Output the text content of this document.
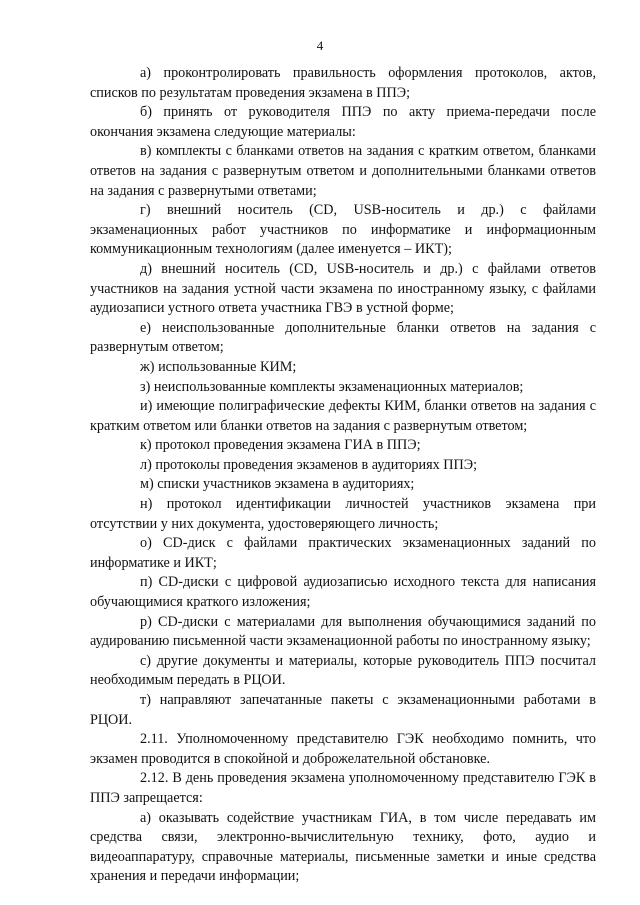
4

а) проконтролировать правильность оформления протоколов, актов, списков по результатам проведения экзамена в ППЭ;

б) принять от руководителя ППЭ по акту приема-передачи после окончания экзамена следующие материалы:

в) комплекты с бланками ответов на задания с кратким ответом, бланками ответов на задания с развернутым ответом и дополнительными бланками ответов на задания с развернутыми ответами;

г) внешний носитель (CD, USB-носитель и др.) с файлами экзаменационных работ участников по информатике и информационным коммуникационным технологиям (далее именуется – ИКТ);

д) внешний носитель (CD, USB-носитель и др.) с файлами ответов участников на задания устной части экзамена по иностранному языку, с файлами аудиозаписи устного ответа участника ГВЭ в устной форме;

е) неиспользованные дополнительные бланки ответов на задания с развернутым ответом;

ж) использованные КИМ;

з) неиспользованные комплекты экзаменационных материалов;

и) имеющие полиграфические дефекты КИМ, бланки ответов на задания с кратким ответом или бланки ответов на задания с развернутым ответом;

к) протокол проведения экзамена ГИА в ППЭ;

л) протоколы проведения экзаменов в аудиториях ППЭ;

м) списки участников экзамена в аудиториях;

н) протокол идентификации личностей участников экзамена при отсутствии у них документа, удостоверяющего личность;

о) CD-диск с файлами практических экзаменационных заданий по информатике и ИКТ;

п) CD-диски с цифровой аудиозаписью исходного текста для написания обучающимися краткого изложения;

р) CD-диски с материалами для выполнения обучающимися заданий по аудированию письменной части экзаменационной работы по иностранному языку;

с) другие документы и материалы, которые руководитель ППЭ посчитал необходимым передать в РЦОИ.

т) направляют запечатанные пакеты с экзаменационными работами в РЦОИ.

2.11. Уполномоченному представителю ГЭК необходимо помнить, что экзамен проводится в спокойной и доброжелательной обстановке.

2.12. В день проведения экзамена уполномоченному представителю ГЭК в ППЭ запрещается:

а) оказывать содействие участникам ГИА, в том числе передавать им средства связи, электронно-вычислительную технику, фото, аудио и видеоаппаратуру, справочные материалы, письменные заметки и иные средства хранения и передачи информации;
